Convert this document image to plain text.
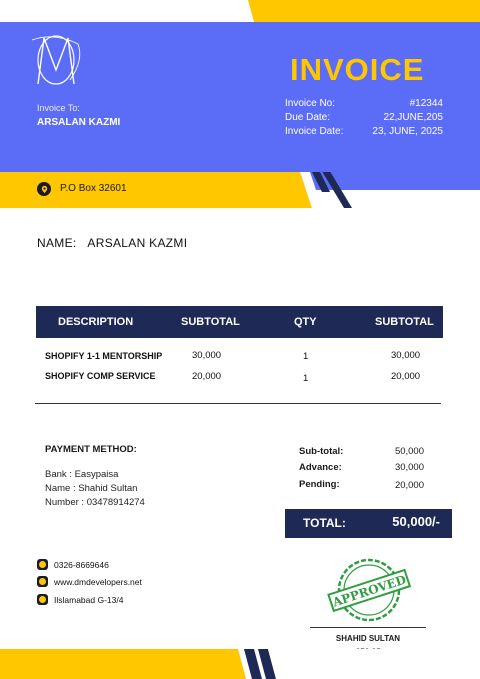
INVOICE
Invoice To:
ARSALAN KAZMI
Invoice No:	#12344
Due Date:	22,JUNE,205
Invoice Date:	23, JUNE, 2025
P.O Box 32601
NAME: ARSALAN KAZMI
DESCRIPTION	SUBTOTAL	QTY	SUBTOTAL
SHOPIFY 1-1 MENTORSHIP	30,000	1	30,000
SHOPIFY COMP SERVICE	20,000	1	20,000
PAYMENT METHOD:
Bank : Easypaisa
Name : Shahid Sultan
Number : 03478914274
Sub-total:	50,000
Advance:	30,000
Pending:	20,000
TOTAL:	50,000/-
0326-8669646
www.dmdevelopers.net
Ilslamabad G-13/4	APPROVED
SHAHID SULTAN
